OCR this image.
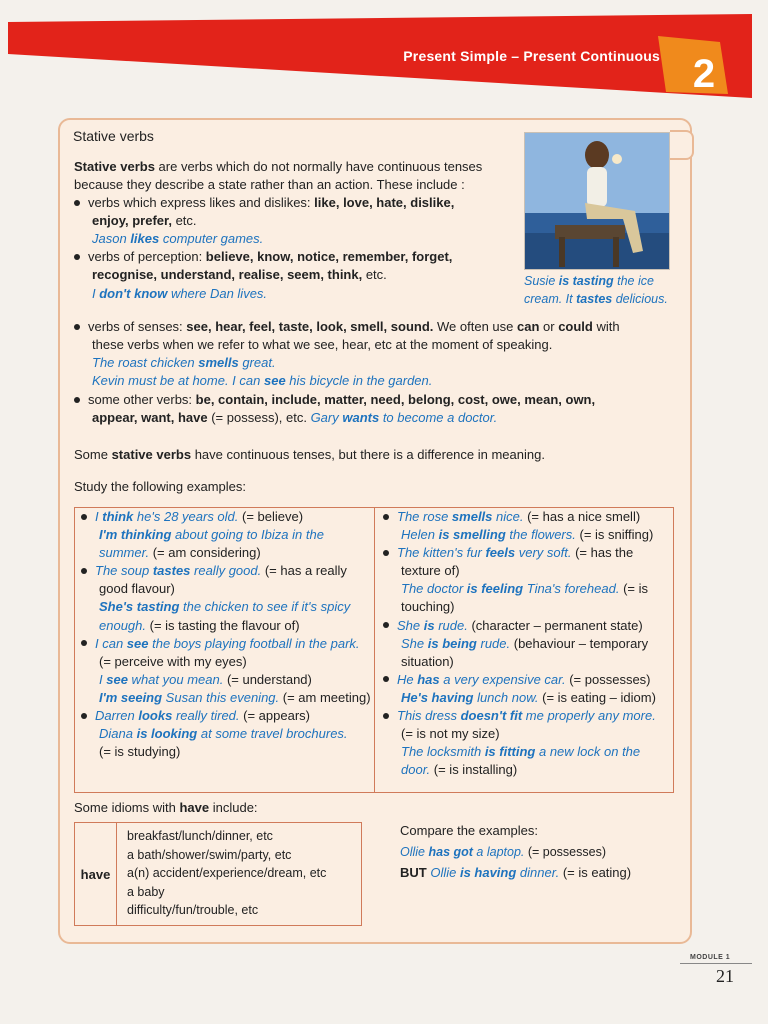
Present Simple – Present Continuous 2
Stative verbs
Stative verbs are verbs which do not normally have continuous tenses
because they describe a state rather than an action. These include :
verbs which express likes and dislikes: like, love, hate, dislike,
enjoy, prefer, etc.
Jason likes computer games.
verbs of perception: believe, know, notice, remember, forget,
recognise, understand, realise, seem, think, etc.
I don't know where Dan lives.
Susie is tasting the ice
cream. It tastes delicious.
verbs of senses: see, hear, feel, taste, look, smell, sound. We often use can or could with
these verbs when we refer to what we see, hear, etc at the moment of speaking.
The roast chicken smells great.
Kevin must be at home. I can see his bicycle in the garden.
some other verbs: be, contain, include, matter, need, belong, cost, owe, mean, own,
appear, want, have (= possess), etc. Gary wants to become a doctor.
Some stative verbs have continuous tenses, but there is a difference in meaning.
Study the following examples:
I think he's 28 years old. (= believe)
I'm thinking about going to Ibiza in the
summer. (= am considering)
The soup tastes really good. (= has a really
good flavour)
She's tasting the chicken to see if it's spicy
enough. (= is tasting the flavour of)
I can see the boys playing football in the park.
(= perceive with my eyes)
I see what you mean. (= understand)
I'm seeing Susan this evening. (= am meeting)
Darren looks really tired. (= appears)
Diana is looking at some travel brochures.
(= is studying)
The rose smells nice. (= has a nice smell)
Helen is smelling the flowers. (= is sniffing)
The kitten's fur feels very soft. (= has the
texture of)
The doctor is feeling Tina's forehead. (= is
touching)
She is rude. (character – permanent state)
She is being rude. (behaviour – temporary
situation)
He has a very expensive car. (= possesses)
He's having lunch now. (= is eating – idiom)
This dress doesn't fit me properly any more.
(= is not my size)
The locksmith is fitting a new lock on the
door. (= is installing)
Some idioms with have include:
have
breakfast/lunch/dinner, etc
a bath/shower/swim/party, etc
a(n) accident/experience/dream, etc
a baby
difficulty/fun/trouble, etc
Compare the examples:
Ollie has got a laptop. (= possesses)
BUT Ollie is having dinner. (= is eating)
MODULE 1
21
